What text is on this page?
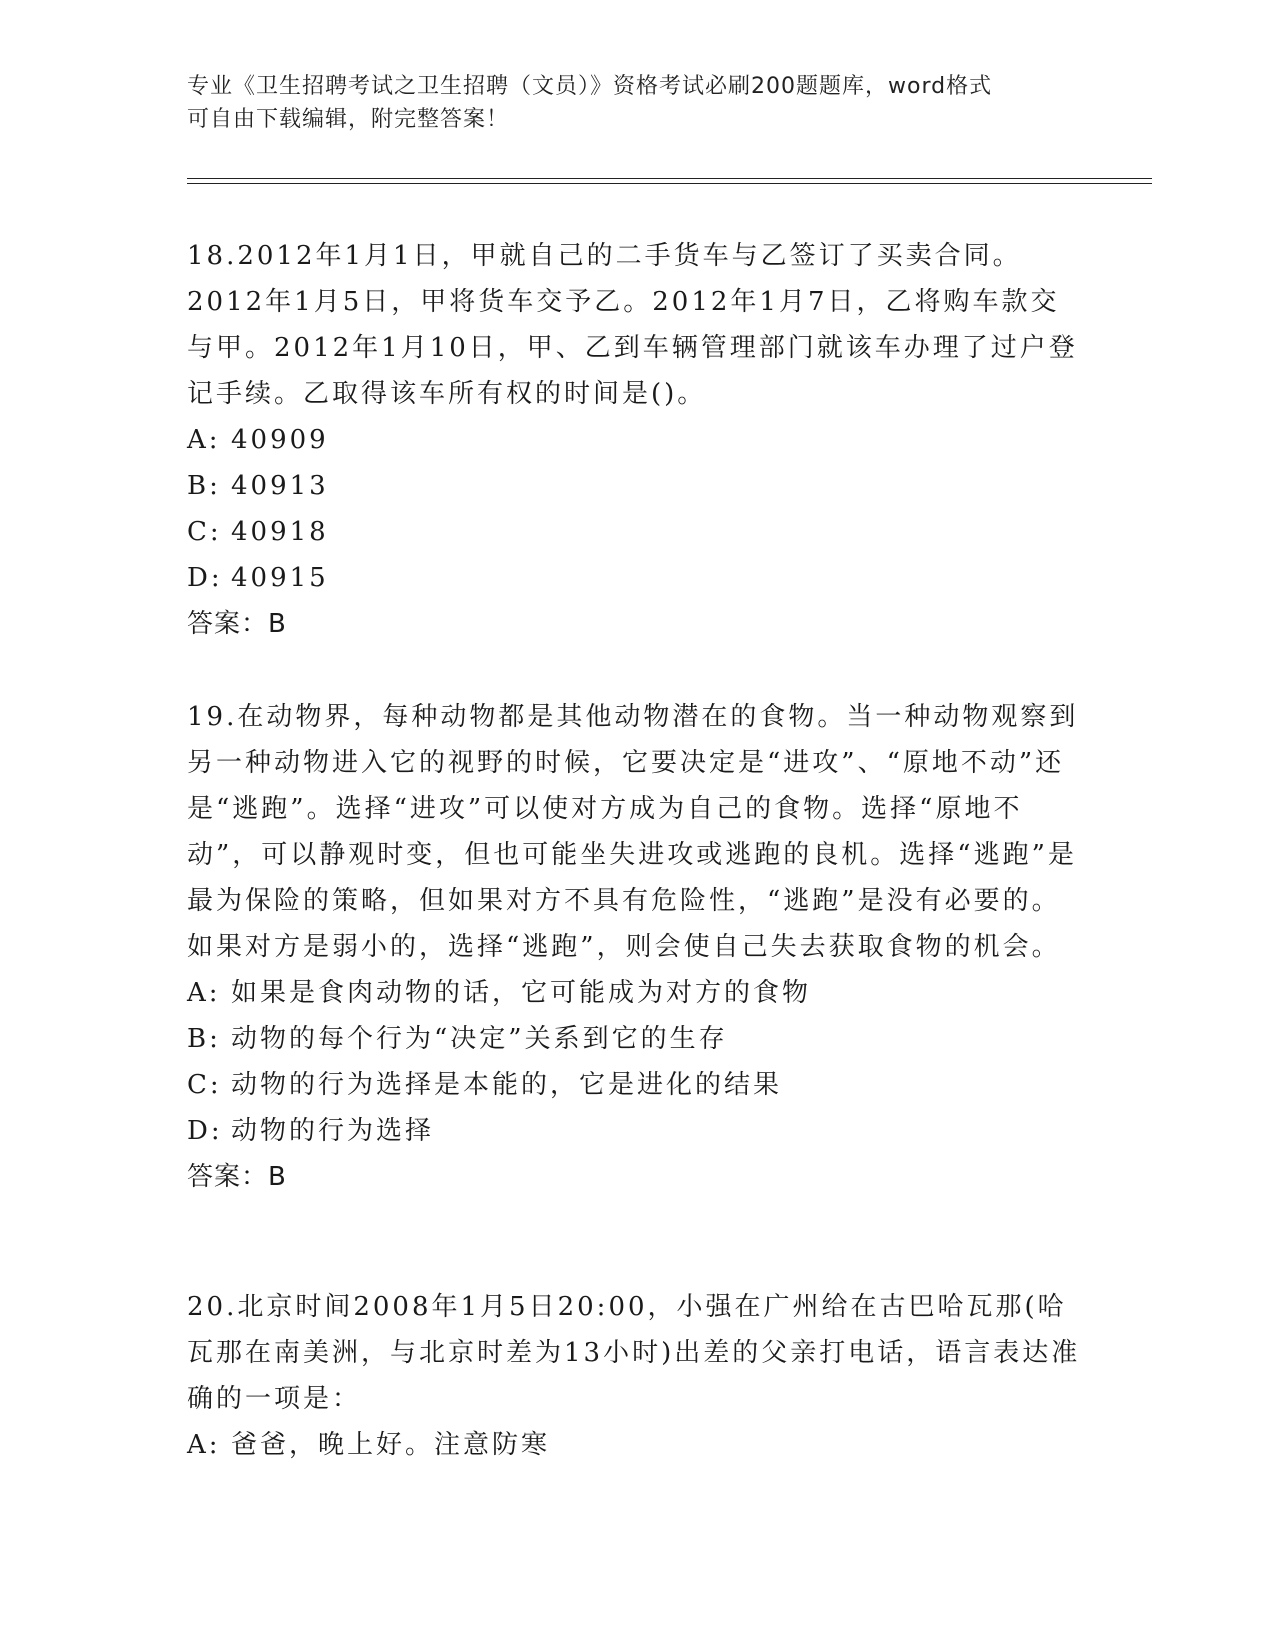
专业《卫生招聘考试之卫生招聘（文员）》资格考试必刷200题题库，word格式
可自由下载编辑，附完整答案！

18.2012年1月1日，甲就自己的二手货车与乙签订了买卖合同。2012年1月5日，甲将货车交予乙。2012年1月7日，乙将购车款交与甲。2012年1月10日，甲、乙到车辆管理部门就该车办理了过户登记手续。乙取得该车所有权的时间是()。

A: 40909
B: 40913
C: 40918
D: 40915
答案：B

19.在动物界，每种动物都是其他动物潜在的食物。当一种动物观察到另一种动物进入它的视野的时候，它要决定是“进攻”、“原地不动”还是“逃跑”。选择“进攻”可以使对方成为自己的食物。选择“原地不动”，可以静观时变，但也可能坐失进攻或逃跑的良机。选择“逃跑”是最为保险的策略，但如果对方不具有危险性，“逃跑”是没有必要的。如果对方是弱小的，选择“逃跑”，则会使自己失去获取食物的机会。

A: 如果是食肉动物的话，它可能成为对方的食物
B: 动物的每个行为“决定”关系到它的生存
C: 动物的行为选择是本能的，它是进化的结果
D: 动物的行为选择
答案：B

20.北京时间2008年1月5日20:00，小强在广州给在古巴哈瓦那(哈瓦那在南美洲，与北京时差为13小时)出差的父亲打电话，语言表达准确的一项是：

A: 爸爸，晚上好。注意防寒
